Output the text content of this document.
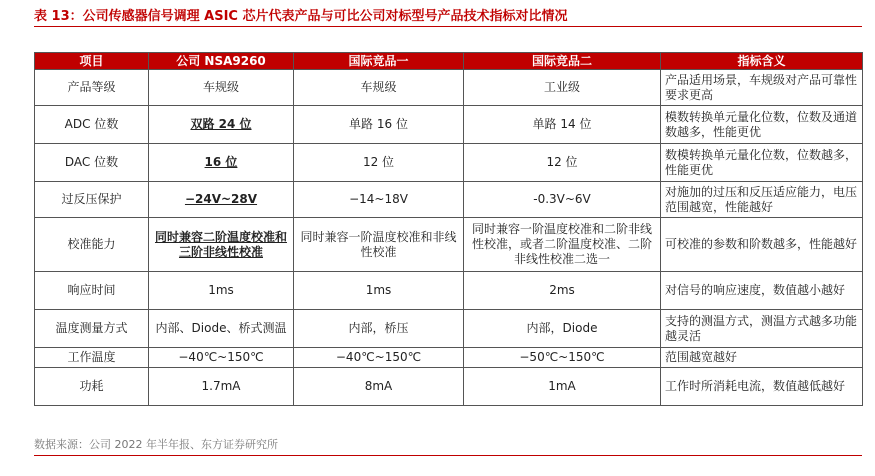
表 13：公司传感器信号调理 ASIC 芯片代表产品与可比公司对标型号产品技术指标对比情况
项目	公司 NSA9260	国际竞品一	国际竞品二	指标含义
产品等级	车规级	车规级	工业级	产品适用场景，车规级对产品可靠性要求更高
ADC 位数	双路 24 位	单路 16 位	单路 14 位	模数转换单元量化位数，位数及通道数越多，性能更优
DAC 位数	16 位	12 位	12 位	数模转换单元量化位数，位数越多，性能更优
过反压保护	−24V~28V	−14~18V	-0.3V~6V	对施加的过压和反压适应能力，电压范围越宽，性能越好
校准能力	同时兼容二阶温度校准和三阶非线性校准	同时兼容一阶温度校准和非线性校准	同时兼容一阶温度校准和二阶非线性校准，或者二阶温度校准、二阶非线性校准二选一	可校准的参数和阶数越多，性能越好
响应时间	1ms	1ms	2ms	对信号的响应速度，数值越小越好
温度测量方式	内部、Diode、桥式测温	内部，桥压	内部，Diode	支持的测温方式，测温方式越多功能越灵活
工作温度	−40℃~150℃	−40℃~150℃	−50℃~150℃	范围越宽越好
功耗	1.7mA	8mA	1mA	工作时所消耗电流，数值越低越好
数据来源：公司 2022 年半年报、东方证券研究所
